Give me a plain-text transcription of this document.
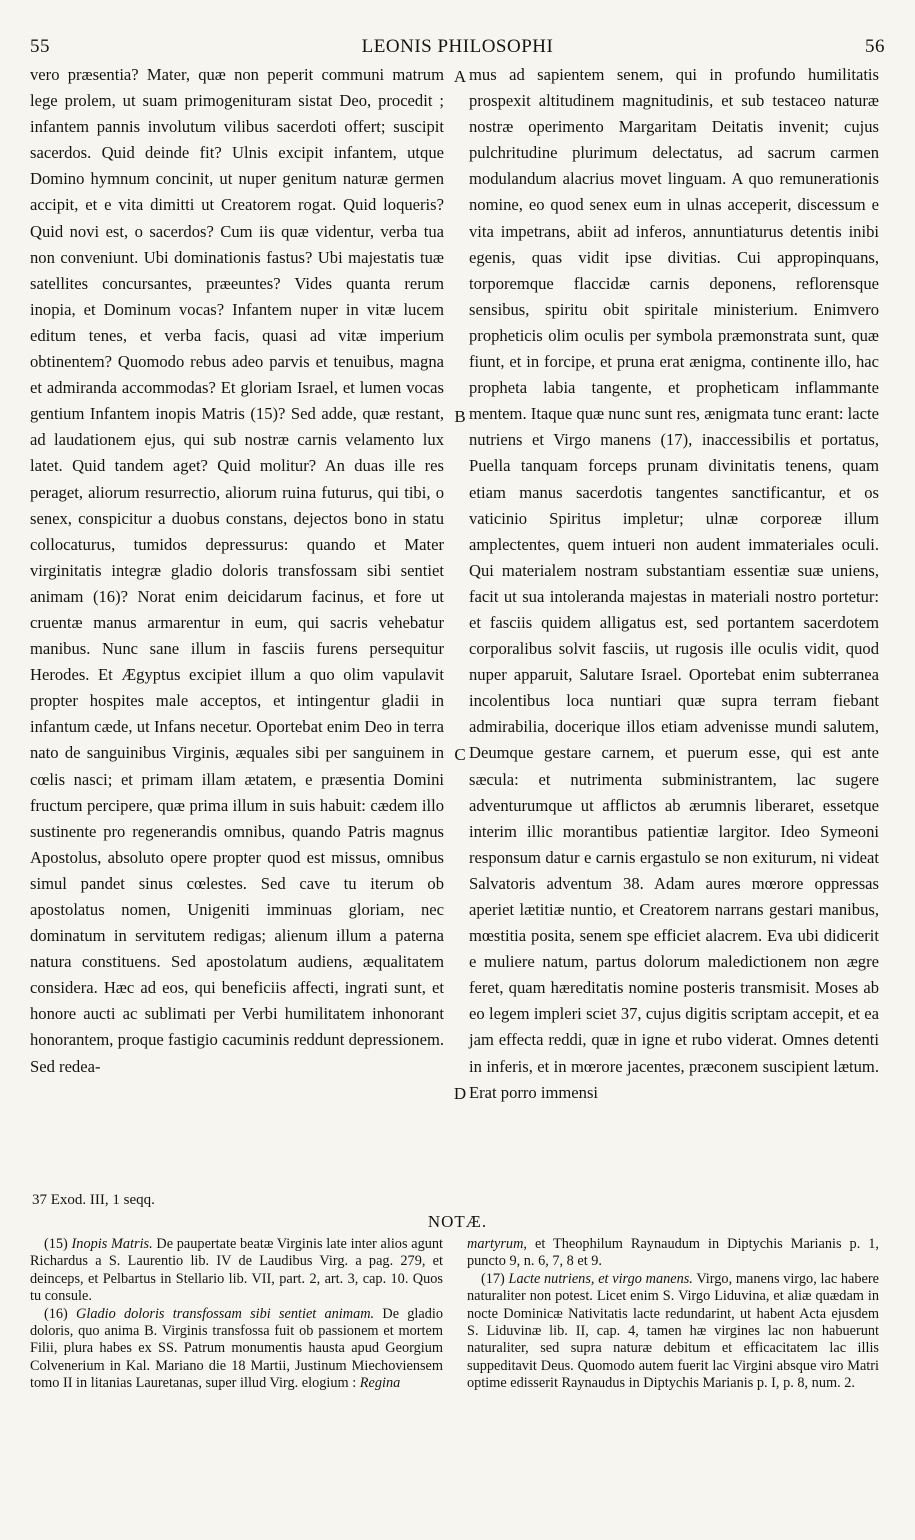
55	LEONIS PHILOSOPHI	56

vero præsentia? Mater, quæ non peperit communi matrum lege prolem, ut suam primogenituram sistat Deo, procedit ; infantem pannis involutum vilibus sacerdoti offert; suscipit sacerdos. Quid deinde fit? Ulnis excipit infantem, utque Domino hymnum concinit, ut nuper genitum naturæ germen accipit, et e vita dimitti ut Creatorem rogat. Quid loqueris? Quid novi est, o sacerdos? Cum iis quæ videntur, verba tua non conveniunt. Ubi dominationis fastus? Ubi majestatis tuæ satellites concursantes, præeuntes? Vides quanta rerum inopia, et Dominum vocas? Infantem nuper in vitæ lucem editum tenes, et verba facis, quasi ad vitæ imperium obtinentem? Quomodo rebus adeo parvis et tenuibus, magna et admiranda accommodas? Et gloriam Israel, et lumen vocas gentium Infantem inopis Matris (15)? Sed adde, quæ restant, ad laudationem ejus, qui sub nostræ carnis velamento lux latet. Quid tandem aget? Quid molitur? An duas ille res peraget, aliorum resurrectio, aliorum ruina futurus, qui tibi, o senex, conspicitur a duobus constans, dejectos bono in statu collocaturus, tumidos depressurus: quando et Mater virginitatis integræ gladio doloris transfossam sibi sentiet animam (16)? Norat enim deicidarum facinus, et fore ut cruentæ manus armarentur in eum, qui sacris vehebatur manibus. Nunc sane illum in fasciis furens persequitur Herodes. Et Ægyptus excipiet illum a quo olim vapulavit propter hospites male acceptos, et intingentur gladii in infantum cæde, ut Infans necetur. Oportebat enim Deo in terra nato de sanguinibus Virginis, æquales sibi per sanguinem in cœlis nasci; et primam illam ætatem, e præsentia Domini fructum percipere, quæ prima illum in suis habuit: cædem illo sustinente pro regenerandis omnibus, quando Patris magnus Apostolus, absoluto opere propter quod est missus, omnibus simul pandet sinus cœlestes. Sed cave tu iterum ob apostolatus nomen, Unigeniti imminuas gloriam, nec dominatum in servitutem redigas; alienum illum a paterna natura constituens. Sed apostolatum audiens, æqualitatem considera. Hæc ad eos, qui beneficiis affecti, ingrati sunt, et honore aucti ac sublimati per Verbi humilitatem inhonorant honorantem, proque fastigio cacuminis reddunt depressionem. Sed redea-

A
B
C
D

mus ad sapientem senem, qui in profundo humilitatis prospexit altitudinem magnitudinis, et sub testaceo naturæ nostræ operimento Margaritam Deitatis invenit; cujus pulchritudine plurimum delectatus, ad sacrum carmen modulandum alacrius movet linguam. A quo remunerationis nomine, eo quod senex eum in ulnas acceperit, discessum e vita impetrans, abiit ad inferos, annuntiaturus detentis inibi egenis, quas vidit ipse divitias. Cui appropinquans, torporemque flaccidæ carnis deponens, reflorensque sensibus, spiritu obit spiritale ministerium. Enimvero propheticis olim oculis per symbola præmonstrata sunt, quæ fiunt, et in forcipe, et pruna erat ænigma, continente illo, hac propheta labia tangente, et propheticam inflammante mentem. Itaque quæ nunc sunt res, ænigmata tunc erant: lacte nutriens et Virgo manens (17), inaccessibilis et portatus, Puella tanquam forceps prunam divinitatis tenens, quam etiam manus sacerdotis tangentes sanctificantur, et os vaticinio Spiritus impletur; ulnæ corporeæ illum amplectentes, quem intueri non audent immateriales oculi. Qui materialem nostram substantiam essentiæ suæ uniens, facit ut sua intoleranda majestas in materiali nostro portetur: et fasciis quidem alligatus est, sed portantem sacerdotem corporalibus solvit fasciis, ut rugosis ille oculis vidit, quod nuper apparuit, Salutare Israel. Oportebat enim subterranea incolentibus loca nuntiari quæ supra terram fiebant admirabilia, docerique illos etiam advenisse mundi salutem, Deumque gestare carnem, et puerum esse, qui est ante sæcula: et nutrimenta subministrantem, lac sugere adventurumque ut afflictos ab ærumnis liberaret, essetque interim illic morantibus patientiæ largitor. Ideo Symeoni responsum datur e carnis ergastulo se non exiturum, ni videat Salvatoris adventum 38. Adam aures mœrore oppressas aperiet lætitiæ nuntio, et Creatorem narrans gestari manibus, mœstitia posita, senem spe efficiet alacrem. Eva ubi didicerit e muliere natum, partus dolorum maledictionem non ægre feret, quam hæreditatis nomine posteris transmisit. Moses ab eo legem impleri sciet 37, cujus digitis scriptam accepit, et ea jam effecta reddi, quæ in igne et rubo viderat. Omnes detenti in inferis, et in mœrore jacentes, præconem suscipient lætum. Erat porro immensi

37 Exod. III, 1 seqq.
NOTÆ.

(15) Inopis Matris. De paupertate beatæ Virginis late inter alios agunt Richardus a S. Laurentio lib. IV de Laudibus Virg. a pag. 279, et deinceps, et Pelbartus in Stellario lib. VII, part. 2, art. 3, cap. 10. Quos tu consule.

(16) Gladio doloris transfossam sibi sentiet animam. De gladio doloris, quo anima B. Virginis transfossa fuit ob passionem et mortem Filii, plura habes ex SS. Patrum monumentis hausta apud Georgium Colvenerium in Kal. Mariano die 18 Martii, Justinum Miechoviensem tomo II in litanias Lauretanas, super illud Virg. elogium : Regina

martyrum, et Theophilum Raynaudum in Diptychis Marianis p. 1, puncto 9, n. 6, 7, 8 et 9.

(17) Lacte nutriens, et virgo manens. Virgo, manens virgo, lac habere naturaliter non potest. Licet enim S. Virgo Liduvina, et aliæ quædam in nocte Dominicæ Nativitatis lacte redundarint, ut habent Acta ejusdem S. Liduvinæ lib. II, cap. 4, tamen hæ virgines lac non habuerunt naturaliter, sed supra naturæ debitum et efficacitatem lac illis suppeditavit Deus. Quomodo autem fuerit lac Virgini absque viro Matri optime edisserit Raynaudus in Diptychis Marianis p. I, p. 8, num. 2.
